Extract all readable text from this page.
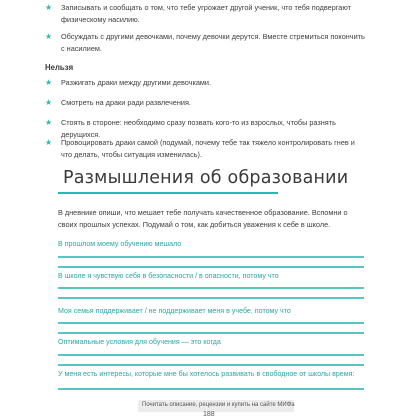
★	Записывать и сообщать о том, что тебе угрожает другой ученик, что тебя подвергают физическому насилию.
★	Обсуждать с другими девочками, почему девочки дерутся. Вместе стремиться покончить с насилием.
Нельзя
★	Разжигать драки между другими девочками.
★	Смотреть на драки ради развлечения.
★	Стоять в стороне: необходимо сразу позвать кого-то из взрослых, чтобы разнять дерущихся.
★	Провоцировать драки самой (подумай, почему тебе так тяжело контролировать гнев и что делать, чтобы ситуация изменилась).
Размышления об образовании
В дневнике опиши, что мешает тебе получать качественное образование. Вспомни о своих прошлых успехах. Подумай о том, как добиться уважения к себе в школе.
В прошлом моему обучению мешало
В школе я чувствую себя в безопасности / в опасности, потому что
Моя семья поддерживает / не поддерживает меня в учебе, потому что
Оптимальные условия для обучения — это когда
У меня есть интересы, которые мне бы хотелось развивать в свободное от школы время:
Почитать описание, рецензии и купить на сайте МИФа
188
